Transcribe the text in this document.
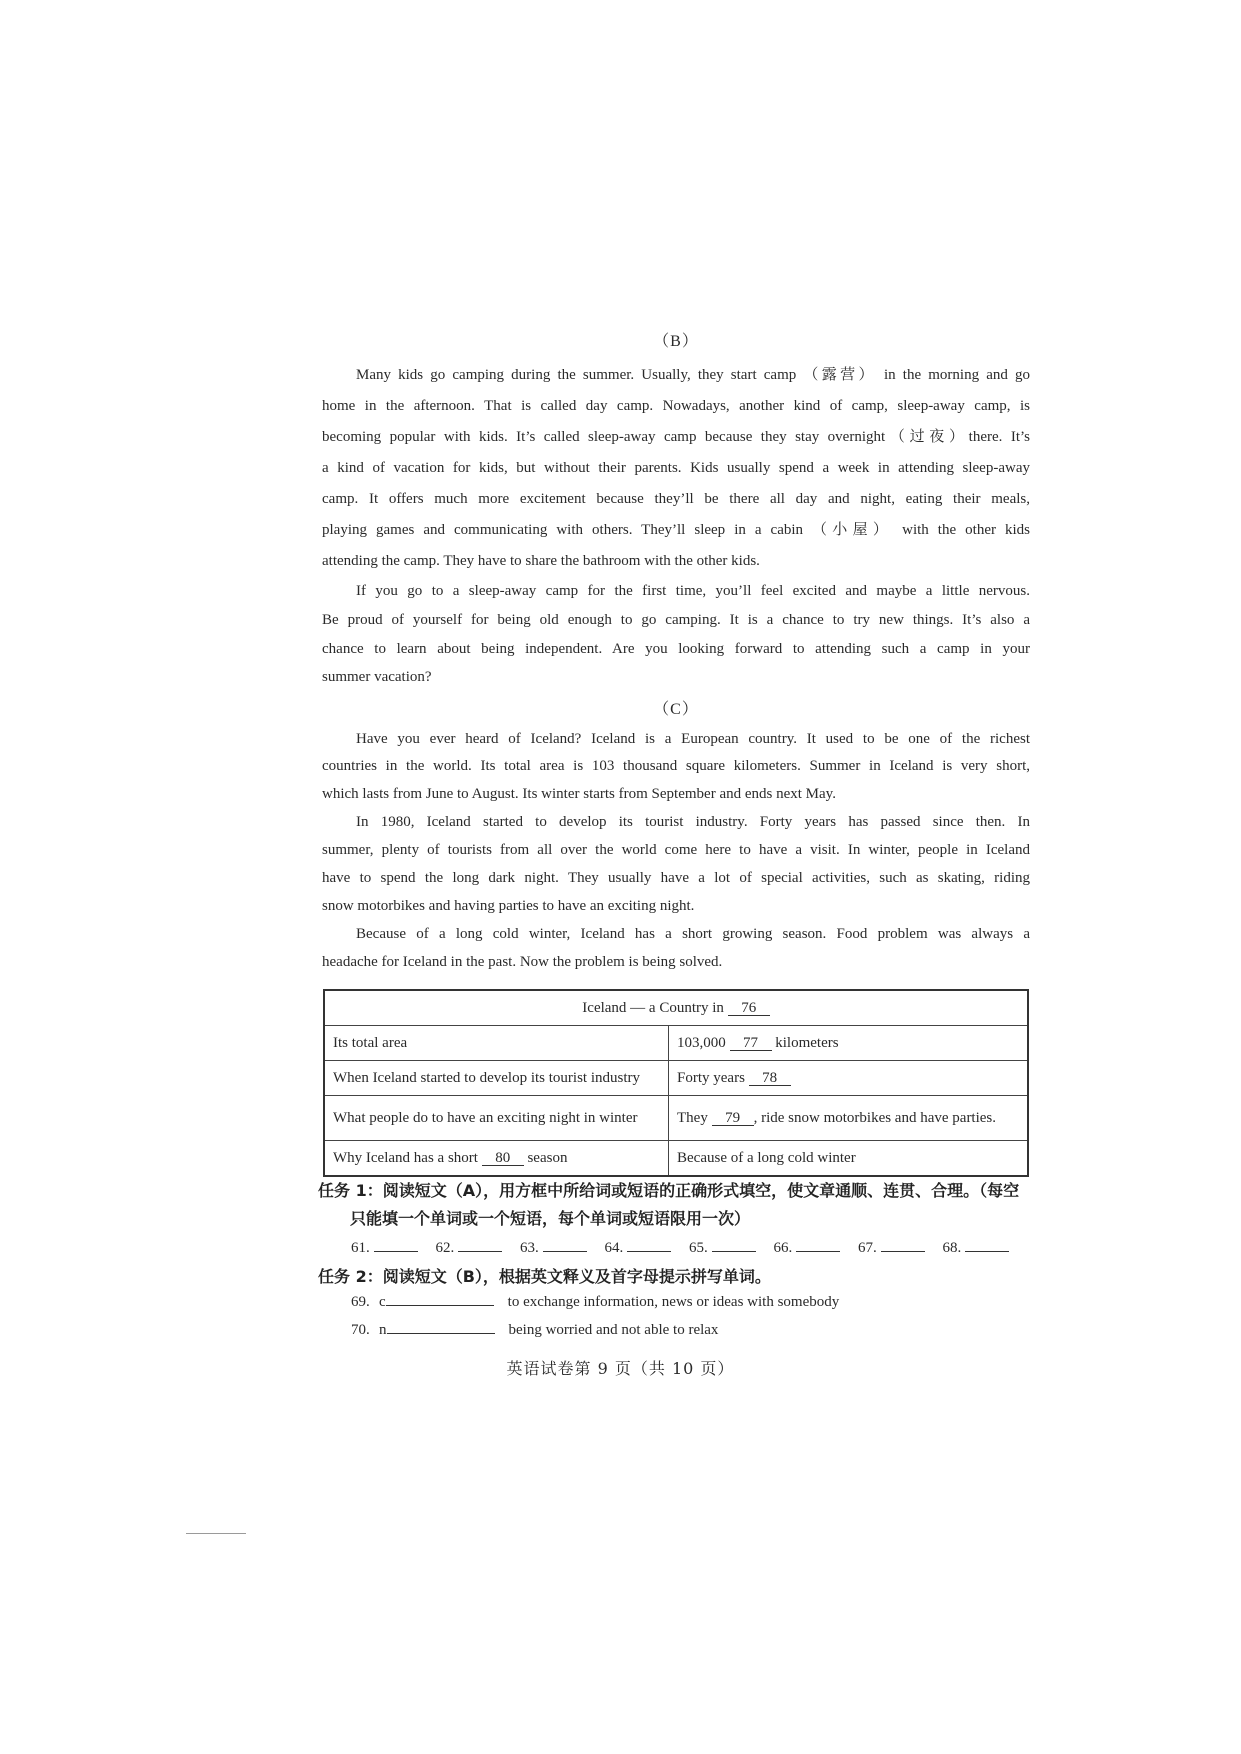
（B）
Many kids go camping during the summer. Usually, they start camp （露营） in the morning and go
home in the afternoon. That is called day camp. Nowadays, another kind of camp, sleep-away camp, is
becoming popular with kids. It’s called sleep-away camp because they stay overnight（过夜）there. It’s
a kind of vacation for kids, but without their parents. Kids usually spend a week in attending sleep-away
camp. It offers much more excitement because they’ll be there all day and night, eating their meals,
playing games and communicating with others. They’ll sleep in a cabin （小屋） with the other kids
attending the camp. They have to share the bathroom with the other kids.
If you go to a sleep-away camp for the first time, you’ll feel excited and maybe a little nervous.
Be proud of yourself for being old enough to go camping. It is a chance to try new things. It’s also a
chance to learn about being independent. Are you looking forward to attending such a camp in your
summer vacation?
（C）
Have you ever heard of Iceland? Iceland is a European country. It used to be one of the richest
countries in the world. Its total area is 103 thousand square kilometers. Summer in Iceland is very short,
which lasts from June to August. Its winter starts from September and ends next May.
In 1980, Iceland started to develop its tourist industry. Forty years has passed since then. In
summer, plenty of tourists from all over the world come here to have a visit. In winter, people in Iceland
have to spend the long dark night. They usually have a lot of special activities, such as skating, riding
snow motorbikes and having parties to have an exciting night.
Because of a long cold winter, Iceland has a short growing season. Food problem was always a
headache for Iceland in the past. Now the problem is being solved.
Iceland — a Country in 76	
Its total area	103,000 77 kilometers
When Iceland started to develop its tourist industry	Forty years 78
What people do to have an exciting night in winter	They 79 , ride snow motorbikes and have parties.
Why Iceland has a short 80 season	Because of a long cold winter
任务 1：阅读短文（A），用方框中所给词或短语的正确形式填空，使文章通顺、连贯、合理。（每空
只能填一个单词或一个短语，每个单词或短语限用一次）
61.	62.	63.	64.	65.	66.	67.	68.
任务 2：阅读短文（B），根据英文释义及首字母提示拼写单词。
69. c	to exchange information, news or ideas with somebody
70. n	being worried and not able to relax
英语试卷第 9 页（共 10 页）
